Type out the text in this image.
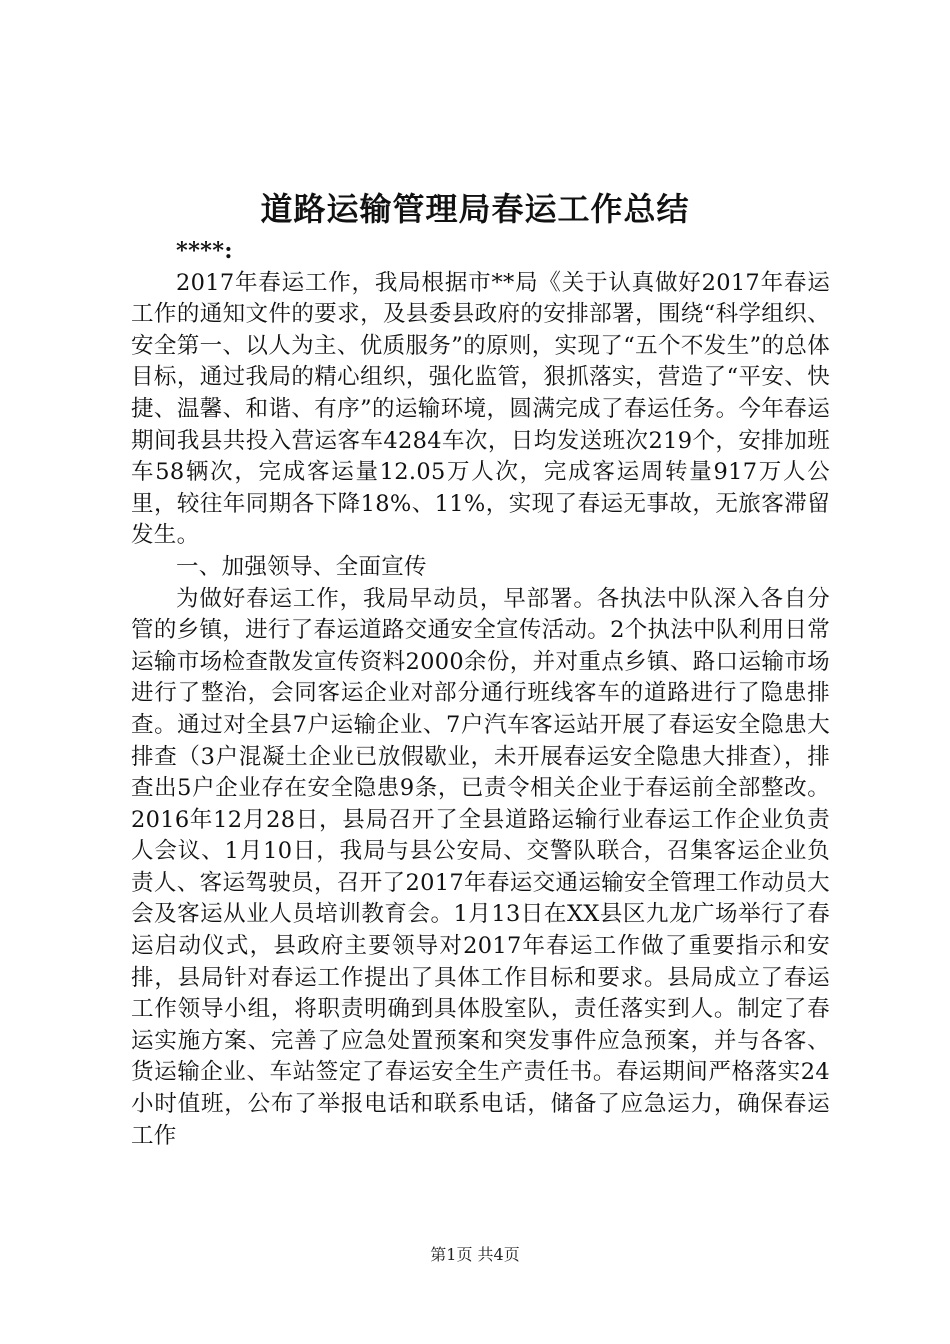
道路运输管理局春运工作总结

****:

2017年春运工作，我局根据市**局《关于认真做好2017年春运工作的通知文件的要求，及县委县政府的安排部署，围绕“科学组织、安全第一、以人为主、优质服务”的原则，实现了“五个不发生”的总体目标，通过我局的精心组织，强化监管，狠抓落实，营造了“平安、快捷、温馨、和谐、有序”的运输环境，圆满完成了春运任务。今年春运期间我县共投入营运客车4284车次，日均发送班次219个，安排加班车58辆次，完成客运量12.05万人次，完成客运周转量917万人公里，较往年同期各下降18%、11%，实现了春运无事故，无旅客滞留发生。

一、加强领导、全面宣传

为做好春运工作，我局早动员，早部署。各执法中队深入各自分管的乡镇，进行了春运道路交通安全宣传活动。2个执法中队利用日常运输市场检查散发宣传资料2000余份，并对重点乡镇、路口运输市场进行了整治，会同客运企业对部分通行班线客车的道路进行了隐患排查。通过对全县7户运输企业、7户汽车客运站开展了春运安全隐患大排查（3户混凝土企业已放假歇业，未开展春运安全隐患大排查），排查出5户企业存在安全隐患9条，已责令相关企业于春运前全部整改。2016年12月28日，县局召开了全县道路运输行业春运工作企业负责人会议、1月10日，我局与县公安局、交警队联合，召集客运企业负责人、客运驾驶员，召开了2017年春运交通运输安全管理工作动员大会及客运从业人员培训教育会。1月13日在XX县区九龙广场举行了春运启动仪式，县政府主要领导对2017年春运工作做了重要指示和安排，县局针对春运工作提出了具体工作目标和要求。县局成立了春运工作领导小组，将职责明确到具体股室队，责任落实到人。制定了春运实施方案、完善了应急处置预案和突发事件应急预案，并与各客、货运输企业、车站签定了春运安全生产责任书。春运期间严格落实24小时值班，公布了举报电话和联系电话，储备了应急运力，确保春运工作

第1页 共4页
